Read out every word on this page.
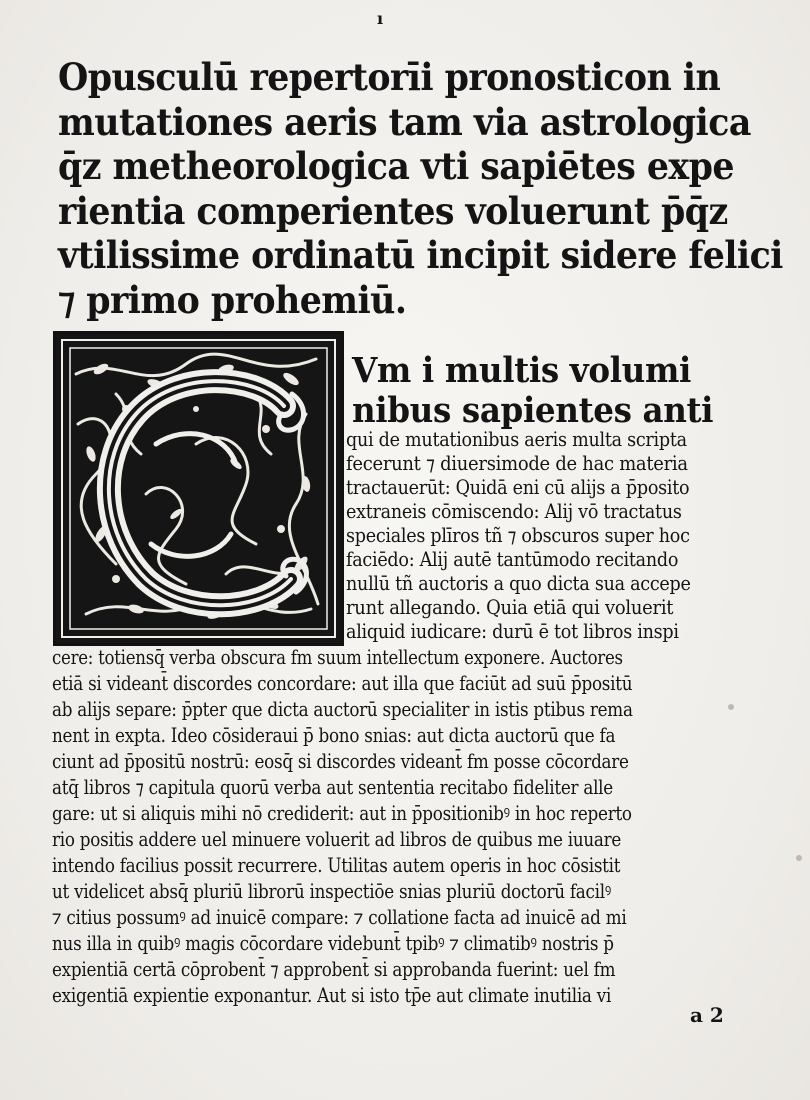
ı
Opusculū repertorīi pronosticon in
mutationes aeris tam via astrologica
q̄z metheorologica vti sapiētes expe
rientia comperientes voluerunt p̄q̄z
vtilissime ordinatū incipit sidere felici
⁊ primo prohemiū.
Vm i multis volumi
nibus sapientes anti
qui de mutationibus aeris multa scripta
fecerunt ⁊ diuersimode de hac materia
tractauerūt: Quidā eni cū alijs a p̄posito
extraneis cōmiscendo: Alij vō tractatus
speciales plīros tñ ⁊ obscuros super hoc
faciēdo: Alij autē tantūmodo recitando
nullū tñ auctoris a quo dicta sua accepe
runt allegando. Quia etiā qui voluerit
aliquid iudicare: durū ē tot libros inspi
cere: totiensq̄ verba obscura fm suum intellectum exponere. Auctores
etiā si videant̄ discordes concordare: aut illa que faciūt ad suū p̄positū
ab alijs separe: p̄pter que dicta auctorū specialiter in istis ptibus rema
nent in expta. Ideo cōsideraui p̄ bono snias: aut dicta auctorū que fa
ciunt ad p̄positū nostrū: eosq̄ si discordes videant̄ fm posse cōcordare
atq̄ libros ⁊ capitula quorū verba aut sententia recitabo fideliter alle
gare: ut si aliquis mihi nō crediderit: aut in p̄positionibꝰ in hoc reperto
rio positis addere uel minuere voluerit ad libros de quibus me iuuare
intendo facilius possit recurrere. Utilitas autem operis in hoc cōsistit
ut videlicet absq̄ pluriū librorū inspectiōe snias pluriū doctorū facilꝰ
⁊ citius possumꝰ ad inuicē compare: ⁊ collatione facta ad inuicē ad mi
nus illa in quibꝰ magis cōcordare videbunt̄ tpibꝰ ⁊ climatibꝰ nostris p̄
expientiā certā cōprobent̄ ⁊ approbent̄ si approbanda fuerint: uel fm
exigentiā expientie exponantur. Aut si isto tp̄e aut climate inutilia vi
a 2
